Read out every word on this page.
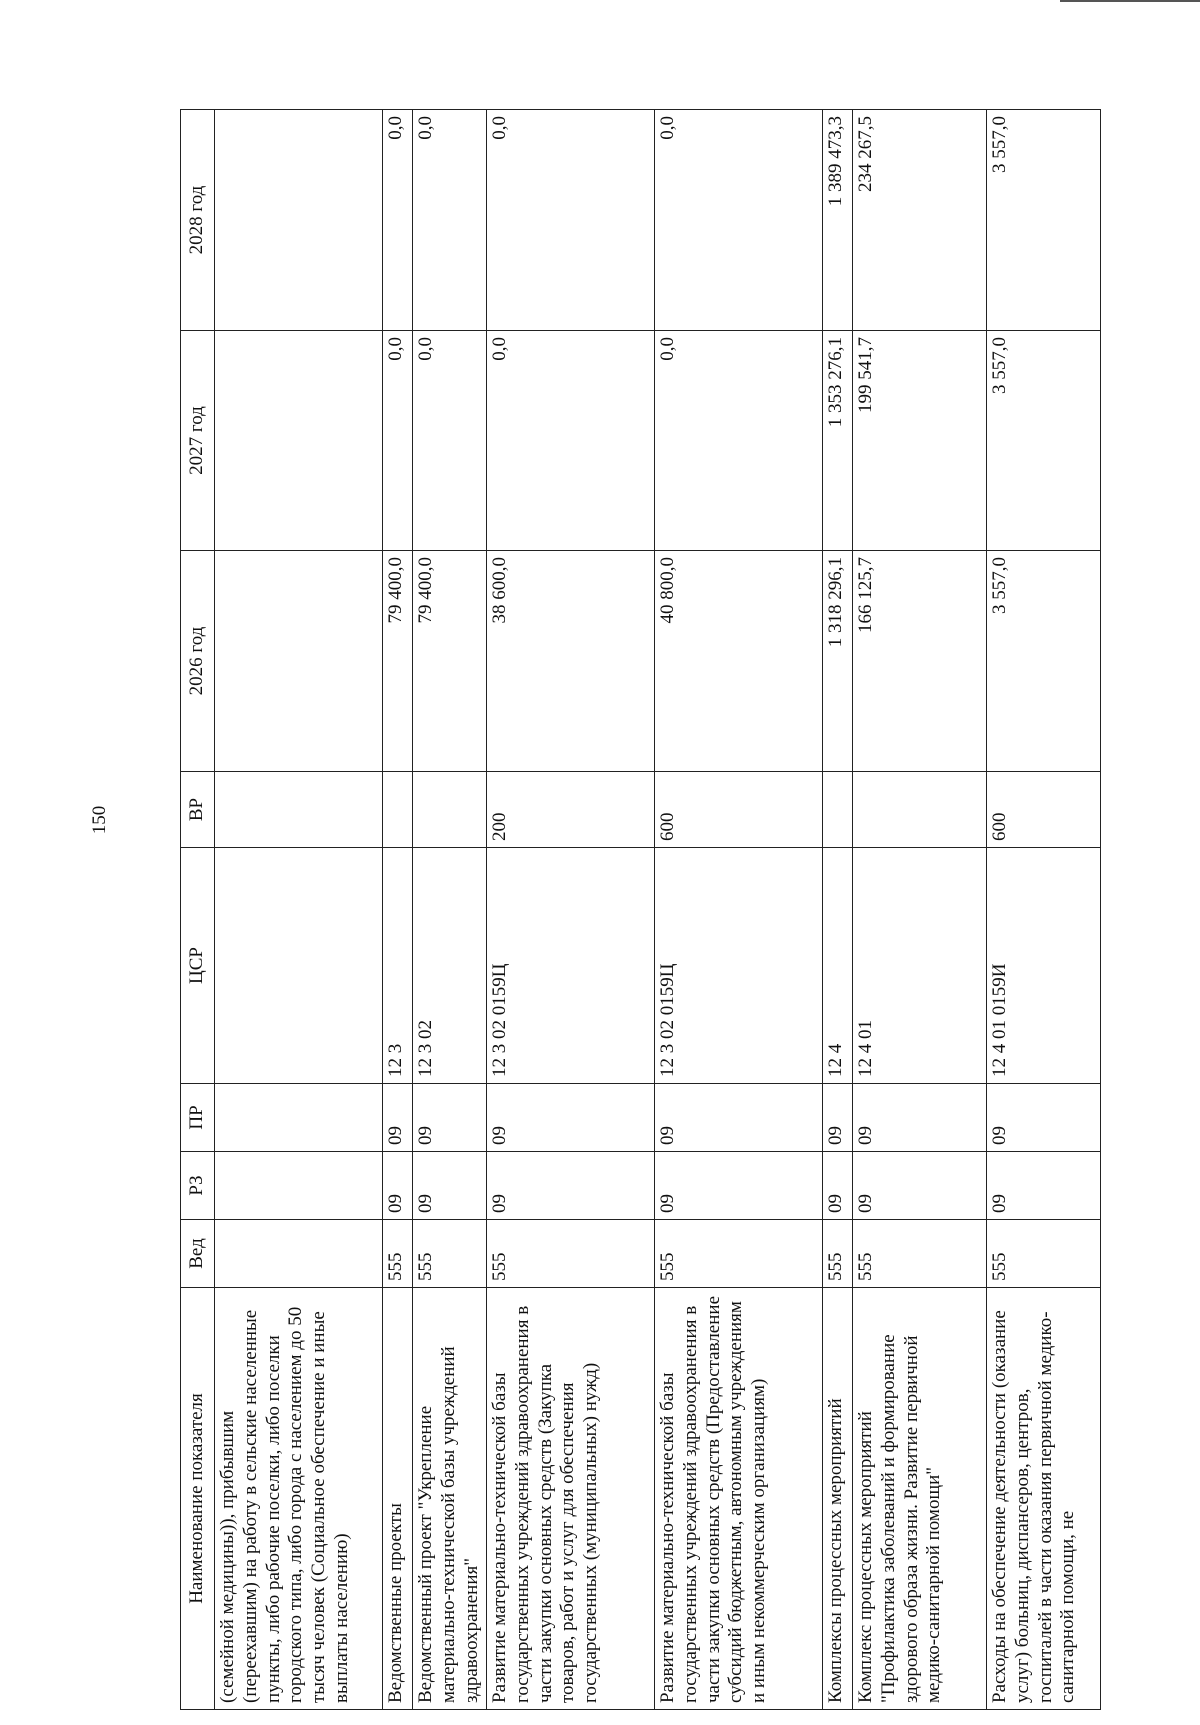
150
Наименование показателя	Вед	РЗ	ПР	ЦСР	ВР	2026 год	2027 год	2028 год
(семейной медицины)), прибывшим (переехавшим) на работу в сельские населенные пункты, либо рабочие поселки, либо поселки городского типа, либо города с населением до 50 тысяч человек (Социальное обеспечение и иные выплаты населению)								
Ведомственные проекты	555	09	09	12 3		79 400,0	0,0	0,0
Ведомственный проект "Укрепление материально-технической базы учреждений здравоохранения"	555	09	09	12 3 02		79 400,0	0,0	0,0
Развитие материально-технической базы государственных учреждений здравоохранения в части закупки основных средств (Закупка товаров, работ и услуг для обеспечения государственных (муниципальных) нужд)	555	09	09	12 3 02 0159Ц	200	38 600,0	0,0	0,0
Развитие материально-технической базы государственных учреждений здравоохранения в части закупки основных средств (Предоставление субсидий бюджетным, автономным учреждениям и иным некоммерческим организациям)	555	09	09	12 3 02 0159Ц	600	40 800,0	0,0	0,0
Комплексы процессных мероприятий	555	09	09	12 4		1 318 296,1	1 353 276,1	1 389 473,3
Комплекс процессных мероприятий "Профилактика заболеваний и формирование здорового образа жизни. Развитие первичной медико-санитарной помощи"	555	09	09	12 4 01		166 125,7	199 541,7	234 267,5
Расходы на обеспечение деятельности (оказание услуг) больниц, диспансеров, центров, госпиталей в части оказания первичной медико-санитарной помощи, не	555	09	09	12 4 01 0159И	600	3 557,0	3 557,0	3 557,0
